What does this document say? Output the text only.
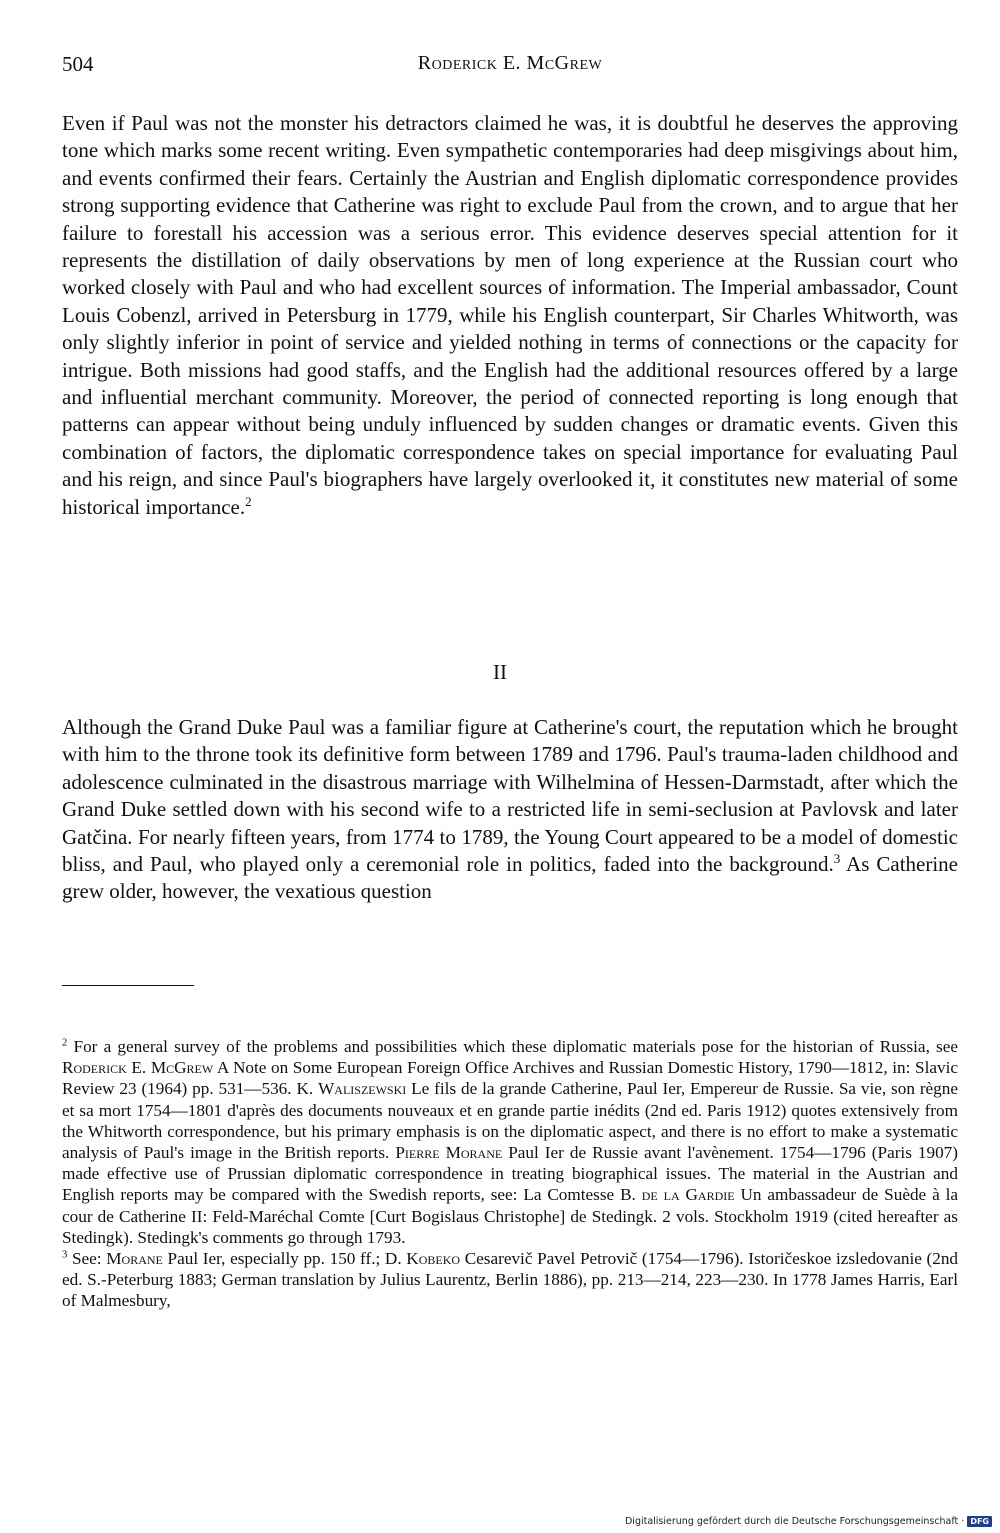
504	Roderick E. McGrew

Even if Paul was not the monster his detractors claimed he was, it is doubtful he deserves the approving tone which marks some recent writing. Even sympathetic contemporaries had deep misgivings about him, and events confirmed their fears. Certainly the Austrian and English diplomatic correspondence provides strong supporting evidence that Catherine was right to exclude Paul from the crown, and to argue that her failure to forestall his accession was a serious error. This evidence deserves special attention for it represents the distillation of daily observations by men of long experience at the Russian court who worked closely with Paul and who had excellent sources of information. The Imperial ambassador, Count Louis Cobenzl, arrived in Petersburg in 1779, while his English counterpart, Sir Charles Whitworth, was only slightly inferior in point of service and yielded nothing in terms of connections or the capacity for intrigue. Both missions had good staffs, and the English had the additional resources offered by a large and influential merchant community. Moreover, the period of connected reporting is long enough that patterns can appear without being unduly influenced by sudden changes or dramatic events. Given this combination of factors, the diplomatic correspondence takes on special importance for evaluating Paul and his reign, and since Paul's biographers have largely overlooked it, it constitutes new material of some historical importance.$^2$

II

Although the Grand Duke Paul was a familiar figure at Catherine's court, the reputation which he brought with him to the throne took its definitive form between 1789 and 1796. Paul's trauma-laden childhood and adolescence culminated in the disastrous marriage with Wilhelmina of Hessen-Darmstadt, after which the Grand Duke settled down with his second wife to a restricted life in semi-seclusion at Pavlovsk and later Gatčina. For nearly fifteen years, from 1774 to 1789, the Young Court appeared to be a model of domestic bliss, and Paul, who played only a ceremonial role in politics, faded into the background.$^3$ As Catherine grew older, however, the vexatious question

$^2$ For a general survey of the problems and possibilities which these diplomatic materials pose for the historian of Russia, see Roderick E. McGrew A Note on Some European Foreign Office Archives and Russian Domestic History, 1790—1812, in: Slavic Review 23 (1964) pp. 531—536. K. Waliszewski Le fils de la grande Catherine, Paul Ier, Empereur de Russie. Sa vie, son règne et sa mort 1754—1801 d'après des documents nouveaux et en grande partie inédits (2nd ed. Paris 1912) quotes extensively from the Whitworth correspondence, but his primary emphasis is on the diplomatic aspect, and there is no effort to make a systematic analysis of Paul's image in the British reports. Pierre Morane Paul Ier de Russie avant l'avènement. 1754—1796 (Paris 1907) made effective use of Prussian diplomatic correspondence in treating biographical issues. The material in the Austrian and English reports may be compared with the Swedish reports, see: La Comtesse B. de la Gardie Un ambassadeur de Suède à la cour de Catherine II: Feld-Maréchal Comte [Curt Bogislaus Christophe] de Stedingk. 2 vols. Stockholm 1919 (cited hereafter as Stedingk). Stedingk's comments go through 1793.

$^3$ See: Morane Paul Ier, especially pp. 150 ff.; D. Kobeko Cesarevič Pavel Petrovič (1754—1796). Istoričeskoe izsledovanie (2nd ed. S.-Peterburg 1883; German translation by Julius Laurentz, Berlin 1886), pp. 213—214, 223—230. In 1778 James Harris, Earl of Malmesbury,

Digitalisierung gefördert durch die Deutsche Forschungsgemeinschaft · DFG
